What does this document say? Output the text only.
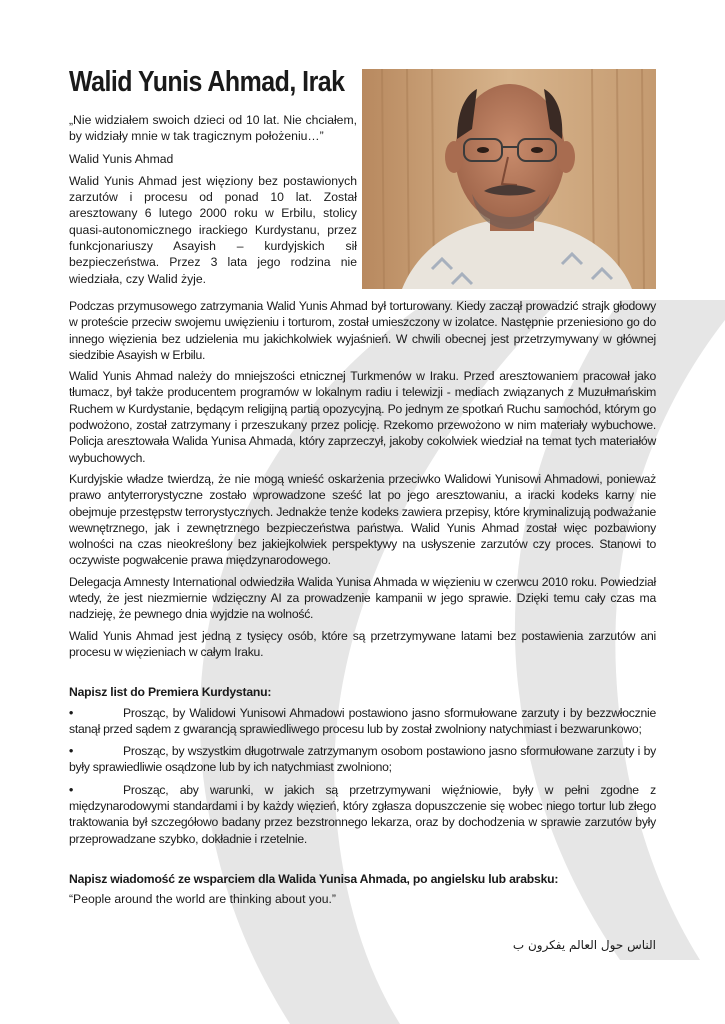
Walid Yunis Ahmad, Irak

„Nie widziałem swoich dzieci od 10 lat. Nie chciałem, by widziały mnie w tak tragicznym położeniu…”

Walid Yunis Ahmad

Walid Yunis Ahmad jest więziony bez postawionych zarzutów i procesu od ponad 10 lat. Został aresztowany 6 lutego 2000 roku w Erbilu, stolicy quasi-autonomicznego irackiego Kurdystanu, przez funkcjonariuszy Asayish – kurdyjskich sił bezpieczeństwa. Przez 3 lata jego rodzina nie wiedziała, czy Walid żyje.

Podczas przymusowego zatrzymania Walid Yunis Ahmad był torturowany. Kiedy zaczął prowadzić strajk głodowy w proteście przeciw swojemu uwięzieniu i torturom, został umieszczony w izolatce. Następnie przeniesiono go do innego więzienia bez udzielenia mu jakichkolwiek wyjaśnień. W chwili obecnej jest przetrzymywany w głównej siedzibie Asayish w Erbilu.

Walid Yunis Ahmad należy do mniejszości etnicznej Turkmenów w Iraku. Przed aresztowaniem pracował jako tłumacz, był także producentem programów w lokalnym radiu i telewizji - mediach związanych z Muzułmańskim Ruchem w Kurdystanie, będącym religijną partią opozycyjną. Po jednym ze spotkań Ruchu samochód, którym go podwożono, został zatrzymany i przeszukany przez policję. Rzekomo przewożono w nim materiały wybuchowe. Policja aresztowała Walida Yunisa Ahmada, który zaprzeczył, jakoby cokolwiek wiedział na temat tych materiałów wybuchowych.

Kurdyjskie władze twierdzą, że nie mogą wnieść oskarżenia przeciwko Walidowi Yunisowi Ahmadowi, ponieważ prawo antyterrorystyczne zostało wprowadzone sześć lat po jego aresztowaniu, a iracki kodeks karny nie obejmuje przestępstw terrorystycznych. Jednakże tenże kodeks zawiera przepisy, które kryminalizują podważanie wewnętrznego, jak i zewnętrznego bezpieczeństwa państwa. Walid Yunis Ahmad został więc pozbawiony wolności na czas nieokreślony bez jakiejkolwiek perspektywy na usłyszenie zarzutów czy proces. Stanowi to oczywiste pogwałcenie prawa międzynarodowego.

Delegacja Amnesty International odwiedziła Walida Yunisa Ahmada w więzieniu w czerwcu 2010 roku. Powiedział wtedy, że jest niezmiernie wdzięczny AI za prowadzenie kampanii w jego sprawie. Dzięki temu cały czas ma nadzieję, że pewnego dnia wyjdzie na wolność.

Walid Yunis Ahmad jest jedną z tysięcy osób, które są przetrzymywane latami bez postawienia zarzutów ani procesu w więzieniach w całym Iraku.

Napisz list do Premiera Kurdystanu:
•	Prosząc, by Walidowi Yunisowi Ahmadowi postawiono jasno sformułowane zarzuty i by bezzwłocznie stanął przed sądem z gwarancją sprawiedliwego procesu lub by został zwolniony natychmiast i bezwarunkowo;
•	Prosząc, by wszystkim długotrwale zatrzymanym osobom postawiono jasno sformułowane zarzuty i by były sprawiedliwie osądzone lub by ich natychmiast zwolniono;
•	Prosząc, aby warunki, w jakich są przetrzymywani więźniowie, były w pełni zgodne z międzynarodowymi standardami i by każdy więzień, który zgłasza dopuszczenie się wobec niego tortur lub złego traktowania był szczegółowo badany przez bezstronnego lekarza, oraz by dochodzenia w sprawie zarzutów były przeprowadzane szybko, dokładnie i rzetelnie.
Napisz wiadomość ze wsparciem dla Walida Yunisa Ahmada, po angielsku lub arabsku:

“People around the world are thinking about you.”

الناس حول العالم يفكرون ب
